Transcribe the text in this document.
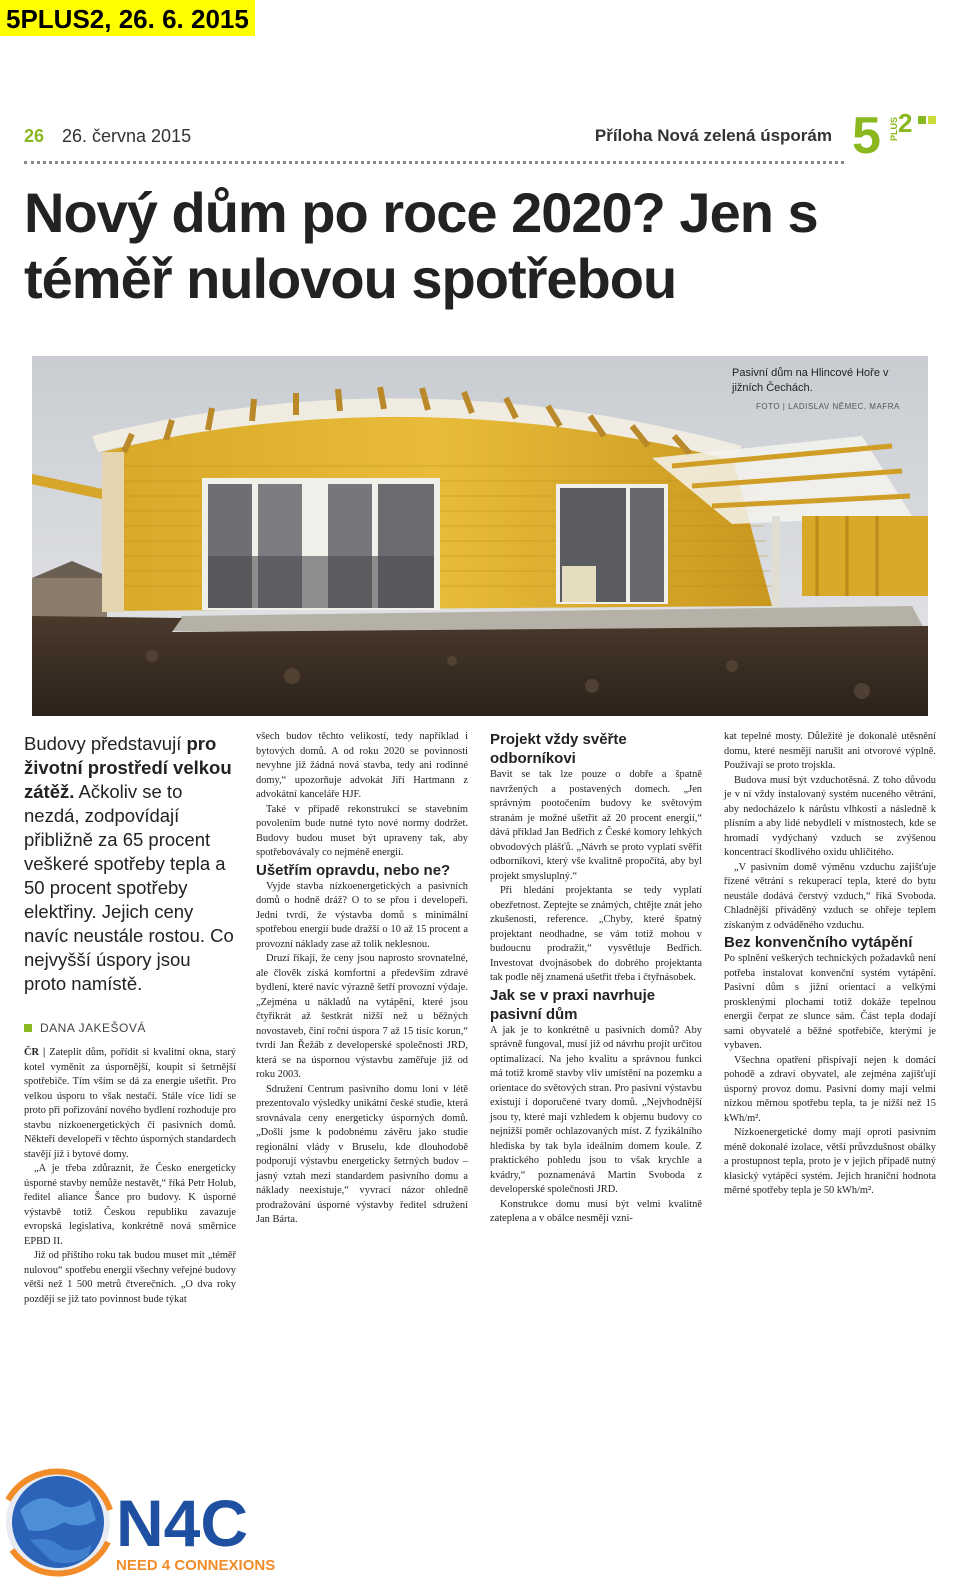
5PLUS2, 26. 6. 2015
26 26. června 2015	Příloha Nová zelená úsporám 5 PLUS
2
Nový dům po roce 2020? Jen s téměř nulovou spotřebou
Pasivní dům na Hlincové Hoře v jižních Čechách.
FOTO | LADISLAV NĚMEC, MAFRA
Budovy představují pro životní prostředí velkou zátěž. Ačkoliv se to nezdá, zodpovídají přibližně za 65 procent veškeré spotřeby tepla a 50 procent spotřeby elektřiny. Jejich ceny navíc neustále rostou. Co nejvyšší úspory jsou proto namístě.
DANA JAKEŠOVÁ

ČR | Zateplit dům, pořídit si kvalitní okna, starý kotel vyměnit za úspornější, koupit si šetrnější spotřebiče. Tím vším se dá za energie ušetřit. Pro velkou úsporu to však nestačí. Stále více lidí se proto při pořizování nového bydlení rozhoduje pro stavbu nízkoenergetických či pasivních domů. Někteří developeři v těchto úsporných standardech stavějí již i bytové domy.

„A je třeba zdůraznit, že Česko energeticky úsporné stavby nemůže nestavět,“ říká Petr Holub, ředitel aliance Šance pro budovy. K úsporné výstavbě totiž Českou republiku zavazuje evropská legislativa, konkrétně nová směrnice EPBD II.

Již od příštího roku tak budou muset mít „téměř nulovou“ spotřebu energií všechny veřejné budovy větší než 1 500 metrů čtverečních. „O dva roky později se již tato povinnost bude týkat

všech budov těchto velikostí, tedy například i bytových domů. A od roku 2020 se povinnosti nevyhne již žádná nová stavba, tedy ani rodinné domy,“ upozorňuje advokát Jiří Hartmann z advokátní kanceláře HJF.

Také v případě rekonstrukcí se stavebním povolením bude nutné tyto nové normy dodržet. Budovy budou muset být upraveny tak, aby spotřebovávaly co nejméně energií.

Ušetřím opravdu, nebo ne?

Vyjde stavba nízkoenergetických a pasivních domů o hodně dráž? O to se přou i developeři. Jedni tvrdí, že výstavba domů s minimální spotřebou energií bude dražší o 10 až 15 procent a provozní náklady zase až tolik neklesnou.

Druzí říkají, že ceny jsou naprosto srovnatelné, ale člověk získá komfortní a především zdravé bydlení, které navíc výrazně šetří provozní výdaje. „Zejména u nákladů na vytápění, které jsou čtyřikrát až šestkrát nižší než u běžných novostaveb, činí roční úspora 7 až 15 tisíc korun,“ tvrdí Jan Řežáb z developerské společnosti JRD, která se na úspornou výstavbu zaměřuje již od roku 2003.

Sdružení Centrum pasivního domu loni v létě prezentovalo výsledky unikátní české studie, která srovnávala ceny energeticky úsporných domů. „Došli jsme k podobnému závěru jako studie regionální vlády v Bruselu, kde dlouhodobě podporují výstavbu energeticky šetrných budov – jasný vztah mezi standardem pasivního domu a náklady neexistuje,“ vyvrací názor ohledně prodražování úsporné výstavby ředitel sdružení Jan Bárta.

Projekt vždy svěřte odborníkovi

Bavit se tak lze pouze o dobře a špatně navržených a postavených domech. „Jen správným pootočením budovy ke světovým stranám je možné ušetřit až 20 procent energií,“ dává příklad Jan Bedřich z České komory lehkých obvodových plášťů. „Návrh se proto vyplatí svěřit odborníkovi, který vše kvalitně propočítá, aby byl projekt smysluplný.“

Při hledání projektanta se tedy vyplatí obezřetnost. Zeptejte se známých, chtějte znát jeho zkušenosti, reference. „Chyby, které špatný projektant neodhadne, se vám totiž mohou v budoucnu prodražit,“ vysvětluje Bedřich. Investovat dvojnásobek do dobrého projektanta tak podle něj znamená ušetřit třeba i čtyřnásobek.

Jak se v praxi navrhuje pasivní dům

A jak je to konkrétně u pasivních domů? Aby správně fungoval, musí již od návrhu projít určitou optimalizací. Na jeho kvalitu a správnou funkci má totiž kromě stavby vliv umístění na pozemku a orientace do světových stran. Pro pasivní výstavbu existují i doporučené tvary domů. „Nejvhodnější jsou ty, které mají vzhledem k objemu budovy co nejnižší poměr ochlazovaných míst. Z fyzikálního hlediska by tak byla ideálním domem koule. Z praktického pohledu jsou to však krychle a kvádry,“ poznamenává Martin Svoboda z developerské společnosti JRD.

Konstrukce domu musí být velmi kvalitně zateplena a v obálce nesmějí vzni-

kat tepelné mosty. Důležité je dokonalé utěsnění domu, které nesmějí narušit ani otvorové výplně. Používají se proto trojskla.

Budova musí být vzduchotěsná. Z toho důvodu je v ní vždy instalovaný systém nuceného větrání, aby nedocházelo k nárůstu vlhkosti a následně k plísním a aby lidé nebydleli v místnostech, kde se hromadí vydýchaný vzduch se zvýšenou koncentrací škodlivého oxidu uhličitého.

„V pasivním domě výměnu vzduchu zajišťuje řízené větrání s rekuperací tepla, které do bytu neustále dodává čerstvý vzduch,“ říká Svoboda. Chladnější přiváděný vzduch se ohřeje teplem získaným z odváděného vzduchu.

Bez konvenčního vytápění

Po splnění veškerých technických požadavků není potřeba instalovat konvenční systém vytápění. Pasivní dům s jižní orientací a velkými prosklenými plochami totiž dokáže tepelnou energii čerpat ze slunce sám. Část tepla dodají sami obyvatelé a běžné spotřebiče, kterými je vybaven.

Všechna opatření přispívají nejen k domácí pohodě a zdraví obyvatel, ale zejména zajišťují úsporný provoz domu. Pasivní domy mají velmi nízkou měrnou spotřebu tepla, ta je nižší než 15 kWh/m².

Nízkoenergetické domy mají oproti pasivním méně dokonalé izolace, větší průvzdušnost obálky a prostupnost tepla, proto je v jejich případě nutný klasický vytápěcí systém. Jejich hraniční hodnota měrné spotřeby tepla je 50 kWh/m².

N4C
NEED 4 CONNEXIONS
